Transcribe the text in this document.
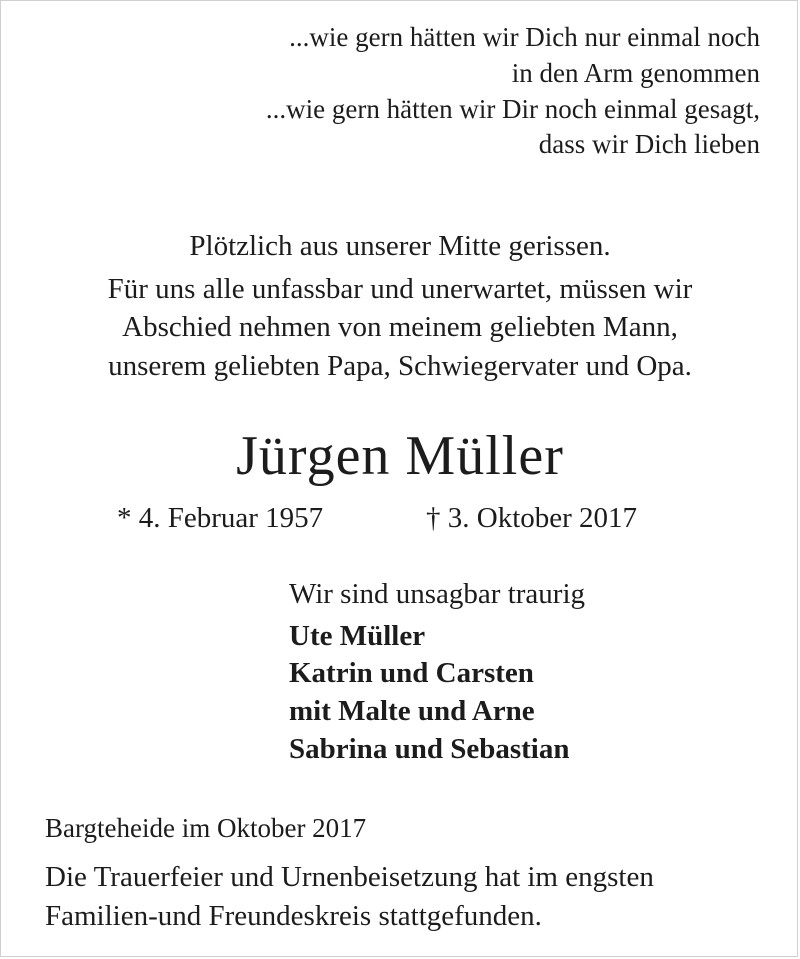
...wie gern hätten wir Dich nur einmal noch
in den Arm genommen
...wie gern hätten wir Dir noch einmal gesagt,
dass wir Dich lieben
Plötzlich aus unserer Mitte gerissen.
Für uns alle unfassbar und unerwartet, müssen wir
Abschied nehmen von meinem geliebten Mann,
unserem geliebten Papa, Schwiegervater und Opa.
Jürgen Müller
* 4. Februar 1957	† 3. Oktober 2017
Wir sind unsagbar traurig
Ute Müller
Katrin und Carsten
mit Malte und Arne
Sabrina und Sebastian
Bargteheide im Oktober 2017
Die Trauerfeier und Urnenbeisetzung hat im engsten
Familien-und Freundeskreis stattgefunden.
